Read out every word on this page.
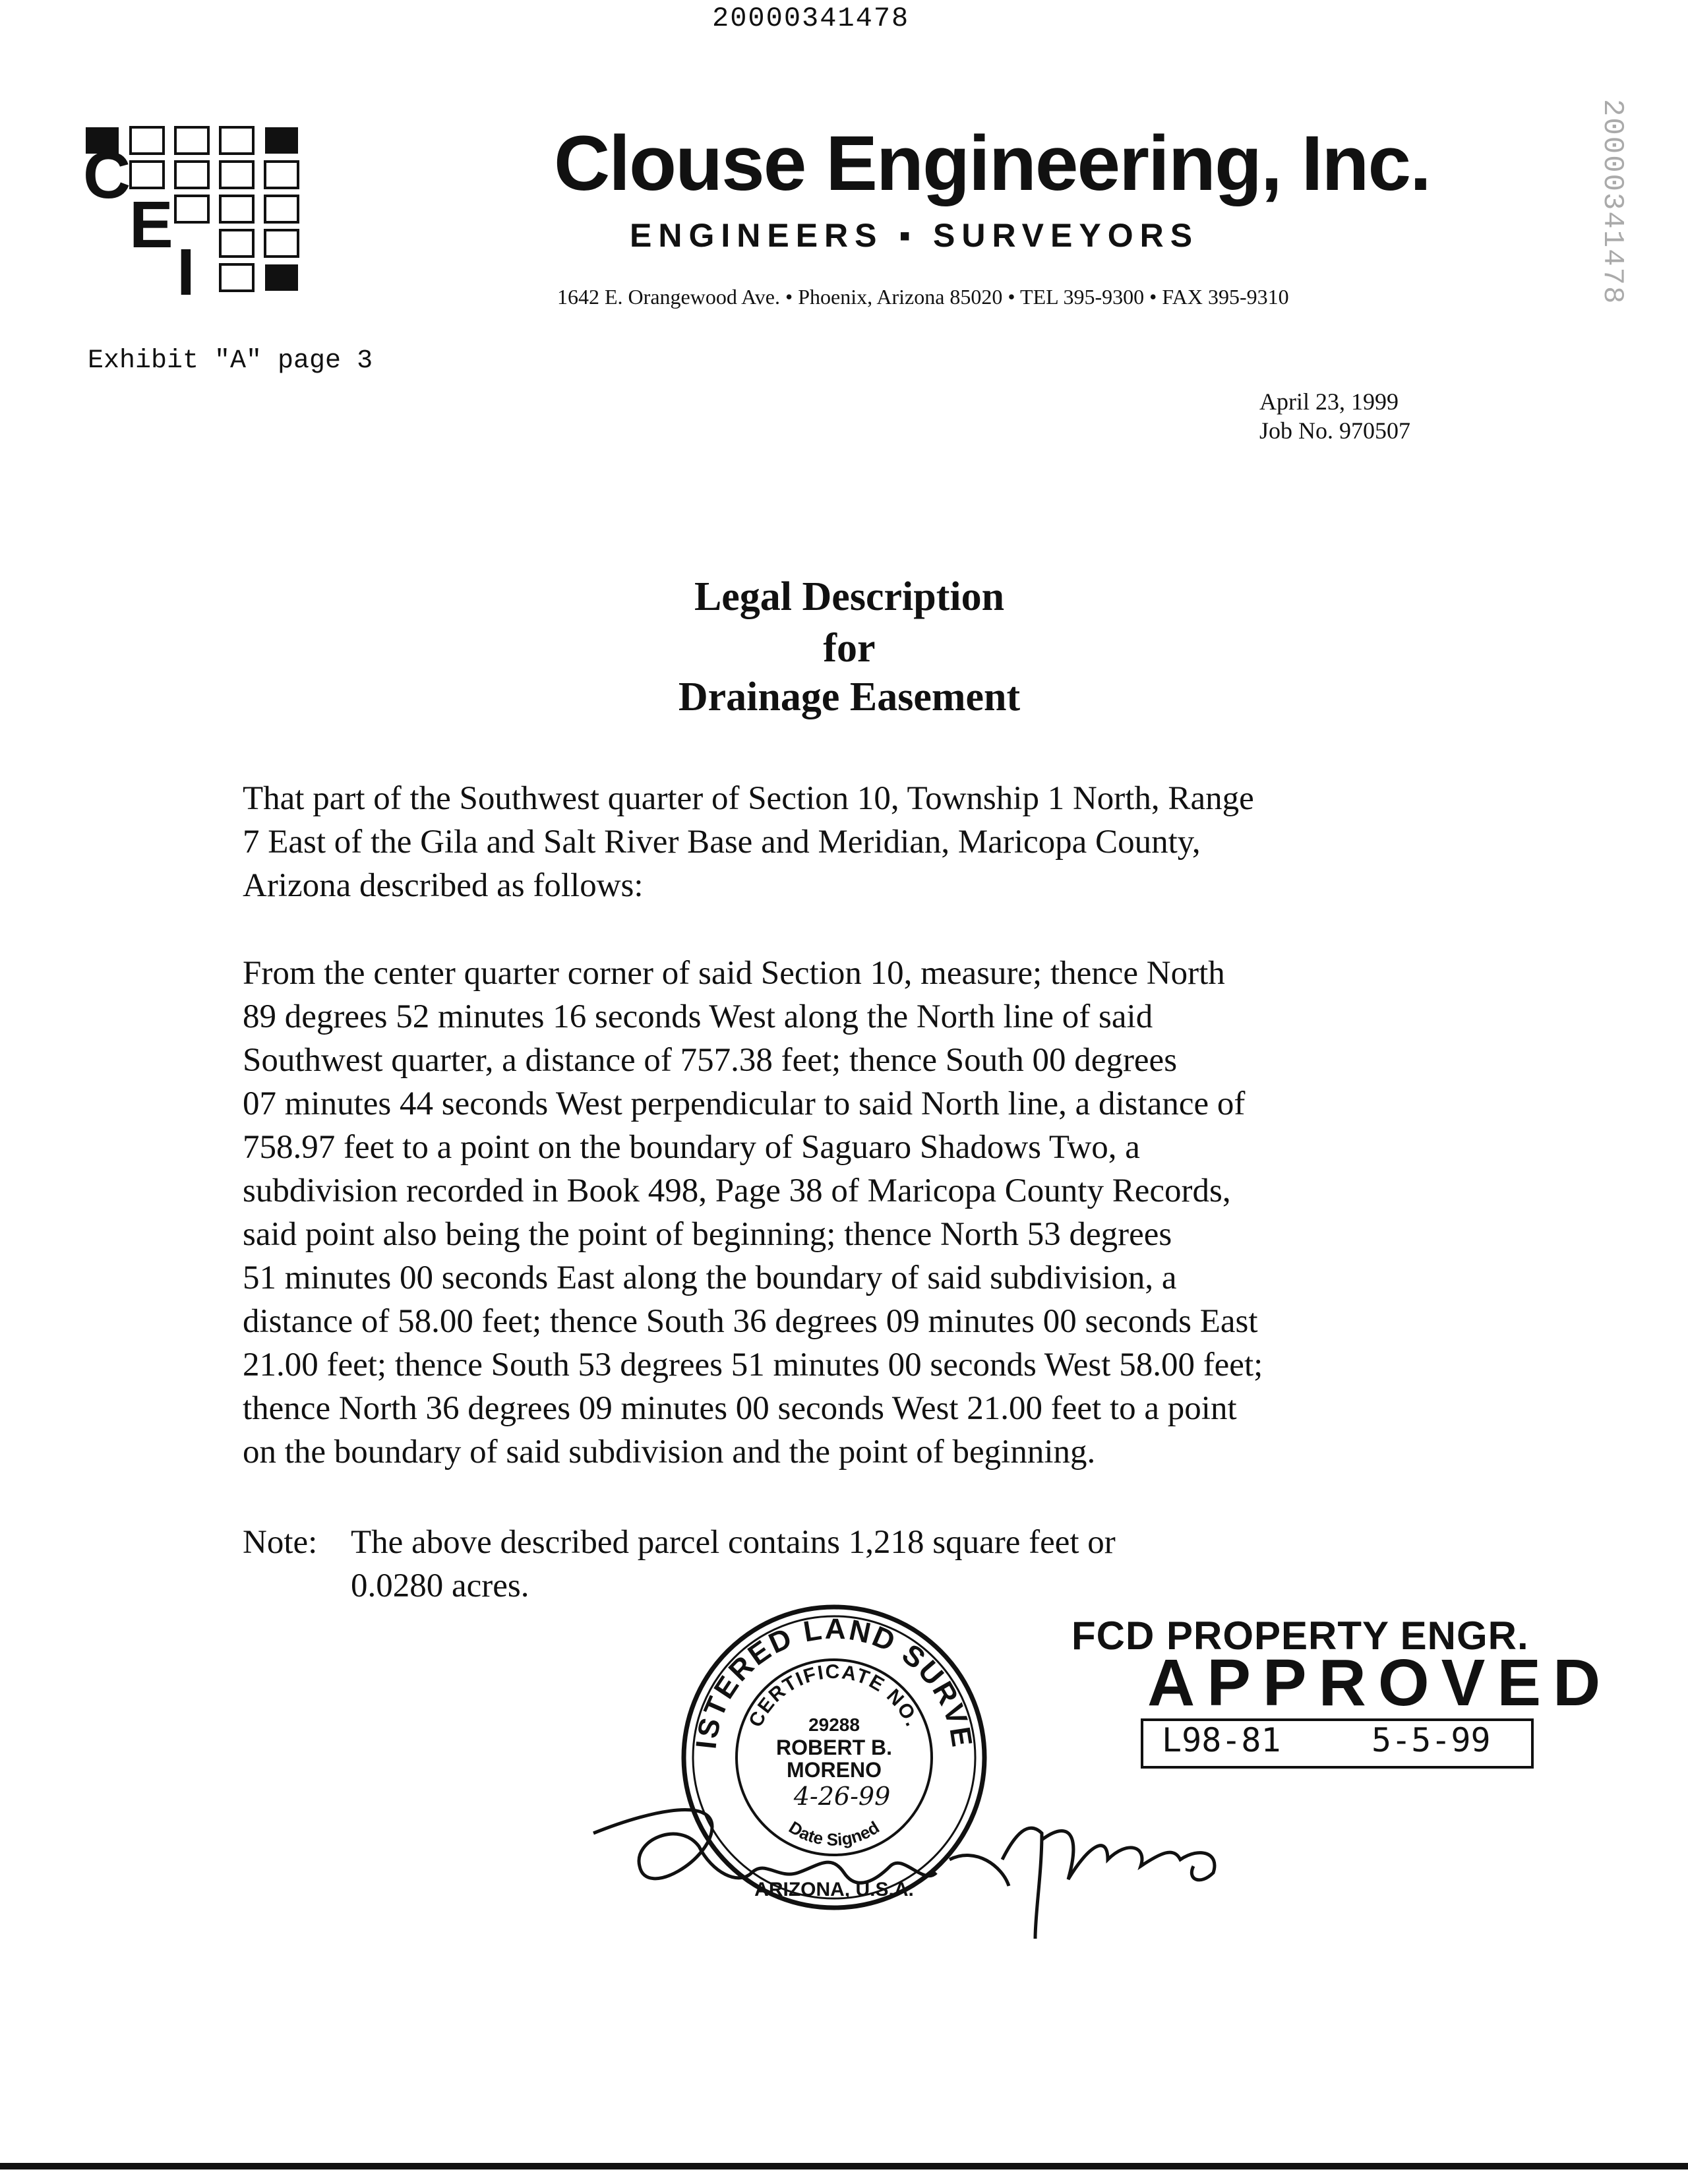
20000341478
20000341478
C
E
I
Clouse Engineering, Inc.
ENGINEERS ▪ SURVEYORS
1642 E. Orangewood Ave. • Phoenix, Arizona 85020 • TEL 395-9300 • FAX 395-9310
Exhibit "A" page 3
April 23, 1999
Job No. 970507
Legal Description
for
Drainage Easement
That part of the Southwest quarter of Section 10, Township 1 North, Range
7 East of the Gila and Salt River Base and Meridian, Maricopa County,
Arizona described as follows:
From the center quarter corner of said Section 10, measure; thence North
89 degrees 52 minutes 16 seconds West along the North line of said
Southwest quarter, a distance of 757.38 feet; thence South 00 degrees
07 minutes 44 seconds West perpendicular to said North line, a distance of
758.97 feet to a point on the boundary of Saguaro Shadows Two, a
subdivision recorded in Book 498, Page 38 of Maricopa County Records,
said point also being the point of beginning; thence North 53 degrees
51 minutes 00 seconds East along the boundary of said subdivision, a
distance of 58.00 feet; thence South 36 degrees 09 minutes 00 seconds East
21.00 feet; thence South 53 degrees 51 minutes 00 seconds West 58.00 feet;
thence North 36 degrees 09 minutes 00 seconds West 21.00 feet to a point
on the boundary of said subdivision and the point of beginning.
Note: The above described parcel contains 1,218 square feet or
0.0280 acres.
ISTERED LAND SURVE
CERTIFICATE NO.
29288
ROBERT B.
MORENO
4-26-99
Date Signed
ARIZONA, U.S.A.
FCD PROPERTY ENGR.
APPROVED
L98-81	5-5-99
